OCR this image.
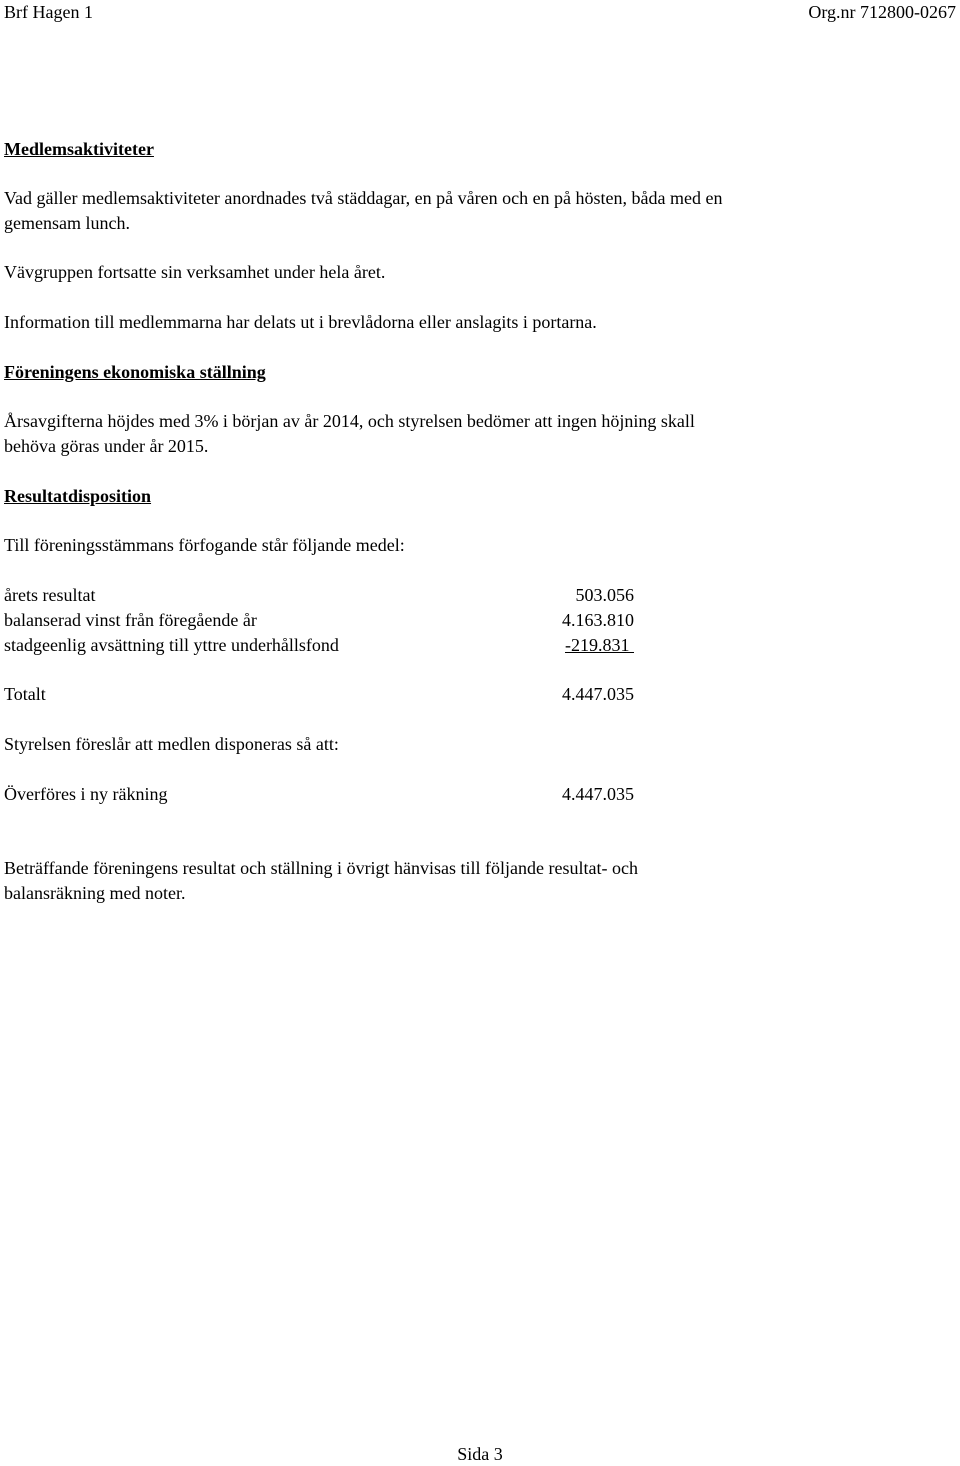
Brf Hagen 1	Org.nr 712800-0267
Medlemsaktiviteter
Vad gäller medlemsaktiviteter anordnades två städdagar, en på våren och en på hösten, båda med en
gemensam lunch.
Vävgruppen fortsatte sin verksamhet under hela året.
Information till medlemmarna har delats ut i brevlådorna eller anslagits i portarna.
Föreningens ekonomiska ställning
Årsavgifterna höjdes med 3% i början av år 2014, och styrelsen bedömer att ingen höjning skall
behöva göras under år 2015.
Resultatdisposition
Till föreningsstämmans förfogande står följande medel:
årets resultat	503.056
balanserad vinst från föregående år	4.163.810
stadgeenlig avsättning till yttre underhållsfond	-219.831
Totalt	4.447.035
Styrelsen föreslår att medlen disponeras så att:
Överföres i ny räkning	4.447.035
Beträffande föreningens resultat och ställning i övrigt hänvisas till följande resultat- och
balansräkning med noter.
Sida 3
